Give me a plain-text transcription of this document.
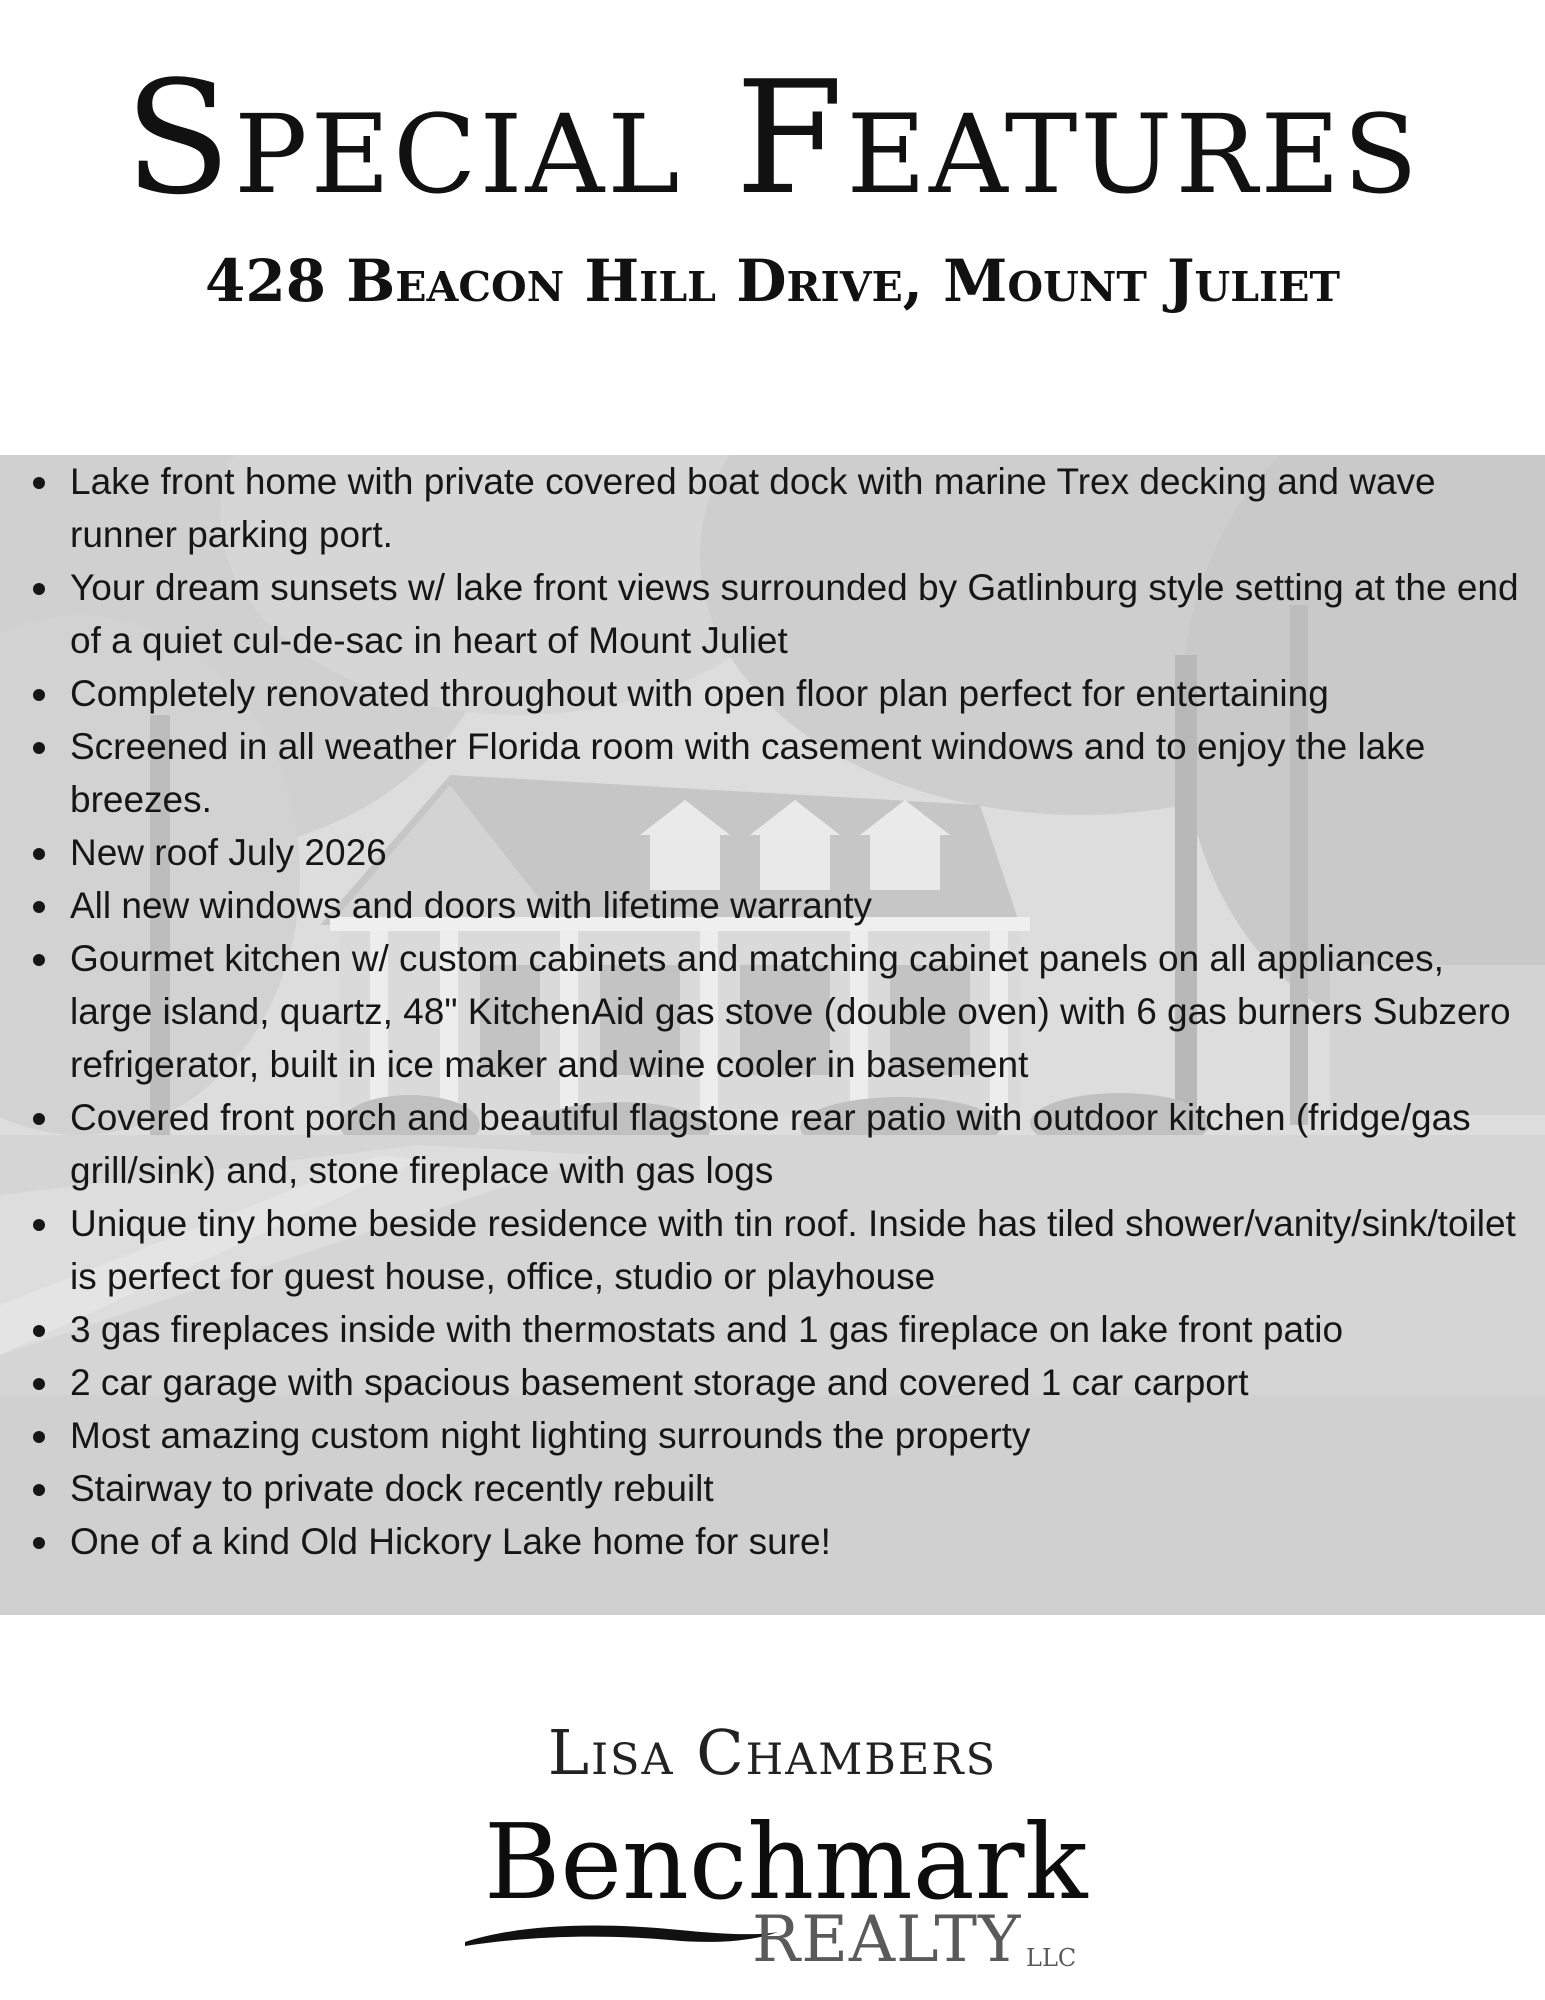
Special Features
428 Beacon Hill Drive, Mount Juliet
Lake front home with private covered boat dock with marine Trex decking and wave runner parking port.
Your dream sunsets w/ lake front views surrounded by Gatlinburg style setting at the end of a quiet cul-de-sac in heart of Mount Juliet
Completely renovated throughout with open floor plan perfect for entertaining
Screened in all weather Florida room with casement windows and to enjoy the lake breezes.
New roof July 2026
All new windows and doors with lifetime warranty
Gourmet kitchen w/ custom cabinets and matching cabinet panels on all appliances, large island, quartz, 48" KitchenAid gas stove (double oven) with 6 gas burners Subzero refrigerator, built in ice maker and wine cooler in basement
Covered front porch and beautiful flagstone rear patio with outdoor kitchen (fridge/gas grill/sink) and, stone fireplace with gas logs
Unique tiny home beside residence with tin roof. Inside has tiled shower/vanity/sink/toilet is perfect for guest house, office, studio or playhouse
3 gas fireplaces inside with thermostats and 1 gas fireplace on lake front patio
2 car garage with spacious basement storage and covered 1 car carport
Most amazing custom night lighting surrounds the property
Stairway to private dock recently rebuilt
One of a kind Old Hickory Lake home for sure!
Lisa Chambers
Benchmark
REALTY LLC
